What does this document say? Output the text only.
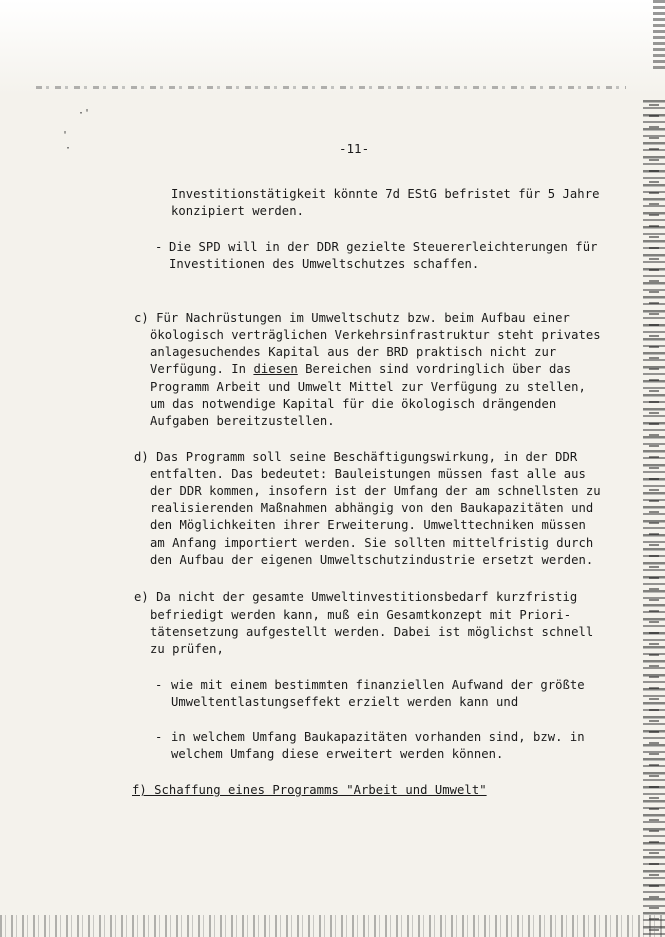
·'
'
·	-11-
Investitionstätigkeit könnte 7d EStG befristet für 5 Jahre
konzipiert werden.
- Die SPD will in der DDR gezielte Steuererleichterungen für
Investitionen des Umweltschutzes schaffen.
c) Für Nachrüstungen im Umweltschutz bzw. beim Aufbau einer
ökologisch verträglichen Verkehrsinfrastruktur steht privates
anlagesuchendes Kapital aus der BRD praktisch nicht zur
Verfügung. In diesen Bereichen sind vordringlich über das
Programm Arbeit und Umwelt Mittel zur Verfügung zu stellen,
um das notwendige Kapital für die ökologisch drängenden
Aufgaben bereitzustellen.
d) Das Programm soll seine Beschäftigungswirkung, in der DDR
entfalten. Das bedeutet: Bauleistungen müssen fast alle aus
der DDR kommen, insofern ist der Umfang der am schnellsten zu
realisierenden Maßnahmen abhängig von den Baukapazitäten und
den Möglichkeiten ihrer Erweiterung. Umwelttechniken müssen
am Anfang importiert werden. Sie sollten mittelfristig durch
den Aufbau der eigenen Umweltschutzindustrie ersetzt werden.
e) Da nicht der gesamte Umweltinvestitionsbedarf kurzfristig
befriedigt werden kann, muß ein Gesamtkonzept mit Priori-
tätensetzung aufgestellt werden. Dabei ist möglichst schnell
zu prüfen,
- wie mit einem bestimmten finanziellen Aufwand der größte
Umweltentlastungseffekt erzielt werden kann und
- in welchem Umfang Baukapazitäten vorhanden sind, bzw. in
welchem Umfang diese erweitert werden können.
f) Schaffung eines Programms "Arbeit und Umwelt"
